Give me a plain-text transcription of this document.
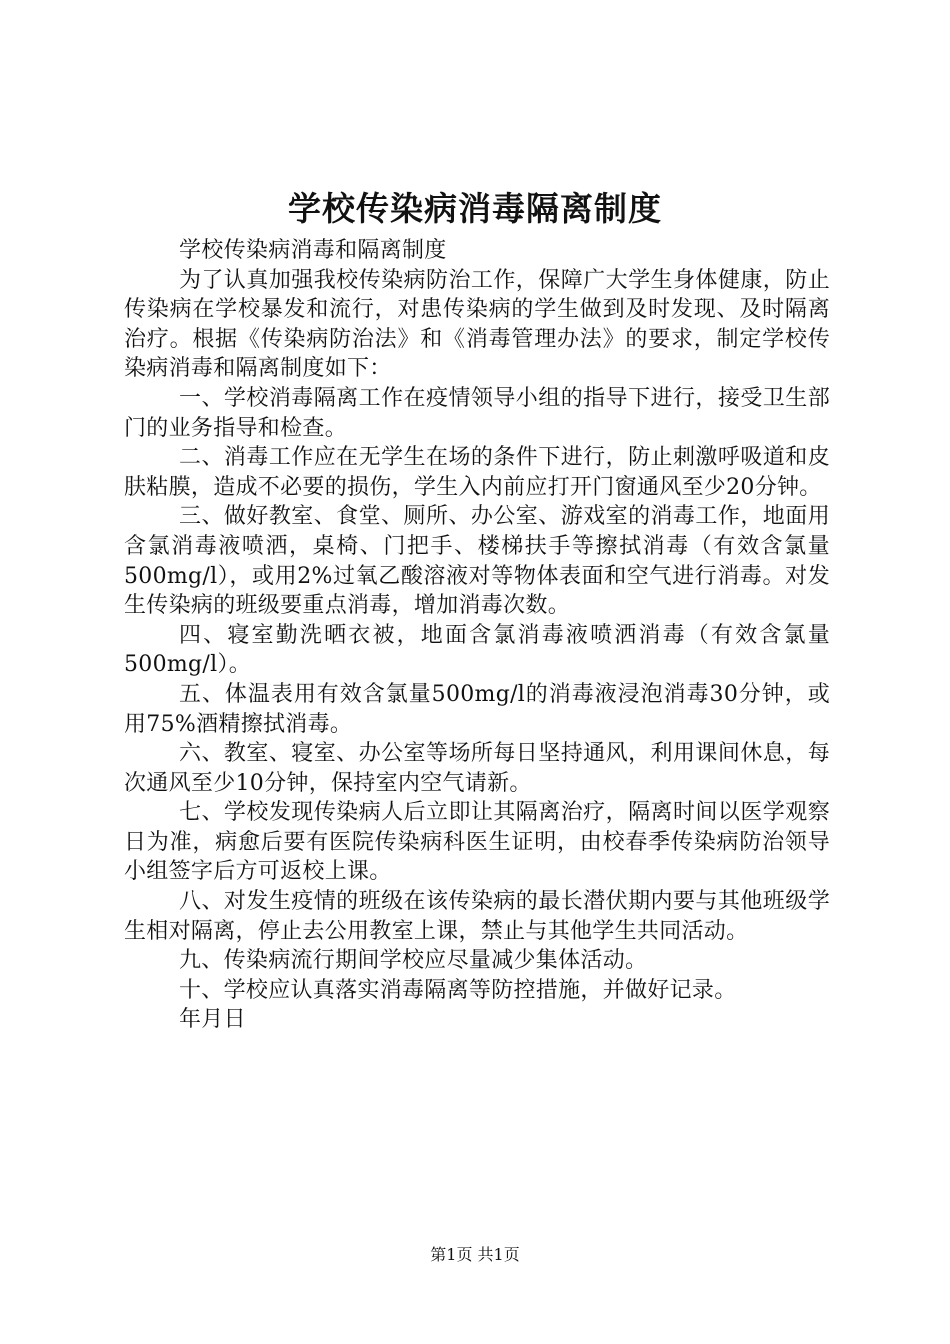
学校传染病消毒隔离制度

学校传染病消毒和隔离制度

为了认真加强我校传染病防治工作，保障广大学生身体健康，防止传染病在学校暴发和流行，对患传染病的学生做到及时发现、及时隔离治疗。根据《传染病防治法》和《消毒管理办法》的要求，制定学校传染病消毒和隔离制度如下：

一、学校消毒隔离工作在疫情领导小组的指导下进行，接受卫生部门的业务指导和检查。

二、消毒工作应在无学生在场的条件下进行，防止刺激呼吸道和皮肤粘膜，造成不必要的损伤，学生入内前应打开门窗通风至少20分钟。

三、做好教室、食堂、厕所、办公室、游戏室的消毒工作，地面用含氯消毒液喷洒，桌椅、门把手、楼梯扶手等擦拭消毒（有效含氯量500mg/l），或用2%过氧乙酸溶液对等物体表面和空气进行消毒。对发生传染病的班级要重点消毒，增加消毒次数。

四、寝室勤洗晒衣被，地面含氯消毒液喷洒消毒（有效含氯量500mg/l）。

五、体温表用有效含氯量500mg/l的消毒液浸泡消毒30分钟，或用75%酒精擦拭消毒。

六、教室、寝室、办公室等场所每日坚持通风，利用课间休息，每次通风至少10分钟，保持室内空气请新。

七、学校发现传染病人后立即让其隔离治疗，隔离时间以医学观察日为准，病愈后要有医院传染病科医生证明，由校春季传染病防治领导小组签字后方可返校上课。

八、对发生疫情的班级在该传染病的最长潜伏期内要与其他班级学生相对隔离，停止去公用教室上课，禁止与其他学生共同活动。

九、传染病流行期间学校应尽量减少集体活动。

十、学校应认真落实消毒隔离等防控措施，并做好记录。

年月日

第1页 共1页
